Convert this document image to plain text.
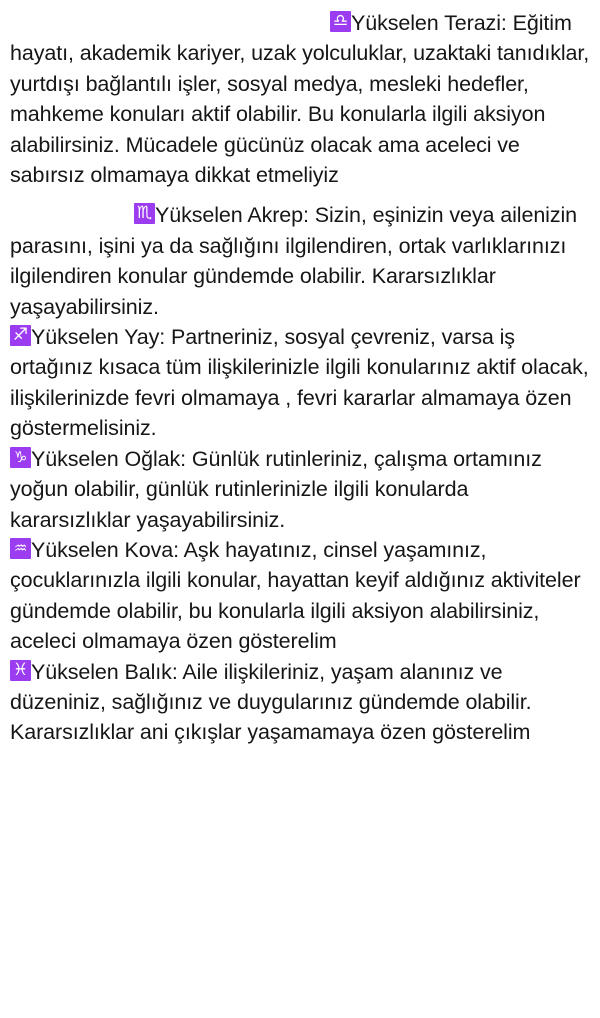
♎ Yükselen Terazi: Eğitim hayatı, akademik kariyer, uzak yolculuklar, uzaktaki tanıdıklar, yurtdışı bağlantılı işler, sosyal medya, mesleki hedefler, mahkeme konuları aktif olabilir. Bu konularla ilgili aksiyon alabilirsiniz. Mücadele gücünüz olacak ama aceleci ve sabırsız olmamaya dikkat etmeliyiz

♏ Yükselen Akrep: Sizin, eşinizin veya ailenizin parasını, işini ya da sağlığını ilgilendiren, ortak varlıklarınızı ilgilendiren konular gündemde olabilir. Kararsızlıklar yaşayabilirsiniz.

♐ Yükselen Yay: Partneriniz, sosyal çevreniz, varsa iş ortağınız kısaca tüm ilişkilerinizle ilgili konularınız aktif olacak, ilişkilerinizde fevri olmamaya , fevri kararlar almamaya özen göstermelisiniz.

♑ Yükselen Oğlak: Günlük rutinleriniz, çalışma ortamınız yoğun olabilir, günlük rutinlerinizle ilgili konularda kararsızlıklar yaşayabilirsiniz.

♒ Yükselen Kova: Aşk hayatınız, cinsel yaşamınız, çocuklarınızla ilgili konular, hayattan keyif aldığınız aktiviteler gündemde olabilir, bu konularla ilgili aksiyon alabilirsiniz, aceleci olmamaya özen gösterelim

♓ Yükselen Balık: Aile ilişkileriniz, yaşam alanınız ve düzeniniz, sağlığınız ve duygularınız gündemde olabilir. Kararsızlıklar ani çıkışlar yaşamamaya özen gösterelim
